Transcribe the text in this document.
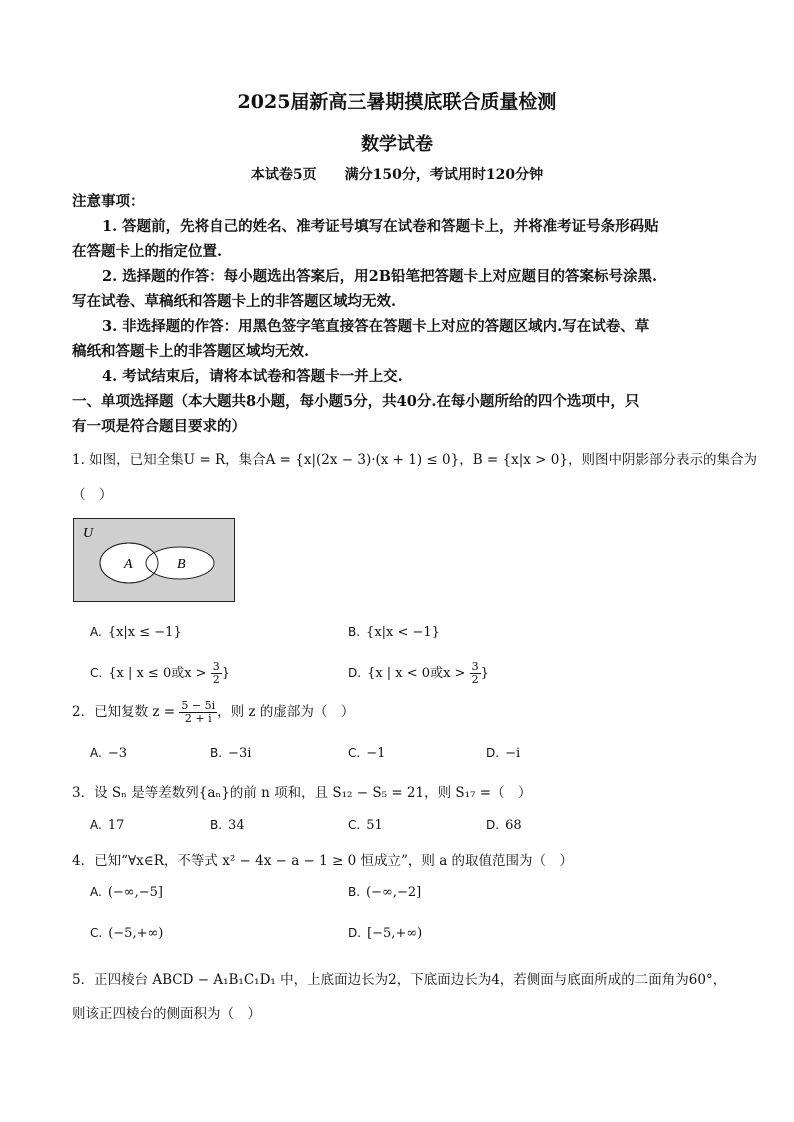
2025届新高三暑期摸底联合质量检测
数学试卷
本试卷5页　　满分150分，考试用时120分钟
注意事项：
1. 答题前，先将自己的姓名、准考证号填写在试卷和答题卡上，并将准考证号条形码贴
在答题卡上的指定位置.
2. 选择题的作答：每小题选出答案后，用2B铅笔把答题卡上对应题目的答案标号涂黑.
写在试卷、草稿纸和答题卡上的非答题区域均无效.
3. 非选择题的作答：用黑色签字笔直接答在答题卡上对应的答题区域内.写在试卷、草
稿纸和答题卡上的非答题区域均无效.
4. 考试结束后，请将本试卷和答题卡一并上交.
一、单项选择题（本大题共8小题，每小题5分，共40分.在每小题所给的四个选项中，只
有一项是符合题目要求的）
1. 如图，已知全集U = R，集合A = {x|(2x − 3)·(x + 1) ≤ 0}，B = {x|x > 0}，则图中阴影部分表示的集合为
（　）
U
A	B
A. {x|x ≤ −1}	B. {x|x < −1}
C. {x | x ≤ 0或$x > \frac{3}{2}$ }	D. {x | x < 0或$x > \frac{3}{2}$ }
2．已知复数 $z = \frac{5 - 5i}{2 + i}$ ，则 z 的虚部为（　）
A. −3	B. −3i	C. −1	D. −i
3．设 Sₙ 是等差数列{aₙ}的前 n 项和，且 S₁₂ − S₅ = 21，则 S₁₇ =（　）
A. 17	B. 34	C. 51	D. 68
4．已知“∀x∈R，不等式 x² − 4x − a − 1 ≥ 0 恒成立”，则 a 的取值范围为（　）
A. (−∞,−5]	B. (−∞,−2]
C. (−5,+∞)	D. [−5,+∞)
5．正四棱台 ABCD − A₁B₁C₁D₁ 中，上底面边长为2，下底面边长为4，若侧面与底面所成的二面角为60°，
则该正四棱台的侧面积为（　）
